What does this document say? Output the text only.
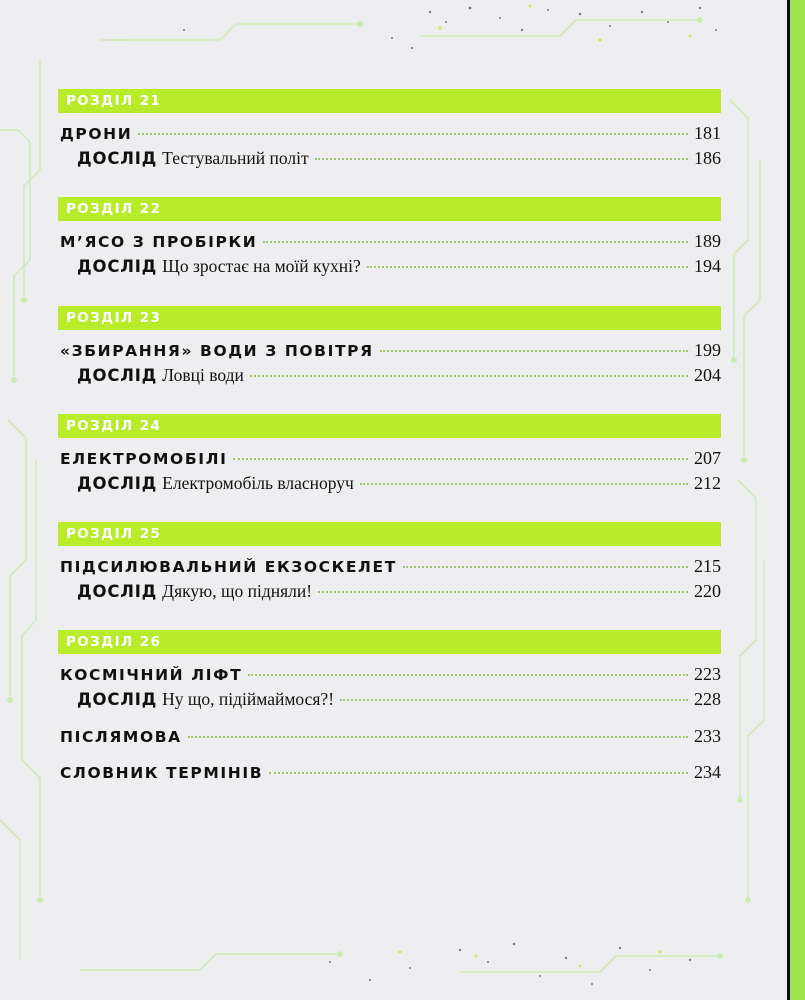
РОЗДІЛ 21
ДРОНИ	181
ДОСЛІД Тестувальний політ	186
РОЗДІЛ 22
М’ЯСО З ПРОБІРКИ	189
ДОСЛІД Що зростає на моїй кухні?	194
РОЗДІЛ 23
«ЗБИРАННЯ» ВОДИ З ПОВІТРЯ	199
ДОСЛІД Ловці води	204
РОЗДІЛ 24
ЕЛЕКТРОМОБІЛІ	207
ДОСЛІД Електромобіль власноруч	212
РОЗДІЛ 25
ПІДСИЛЮВАЛЬНИЙ ЕКЗОСКЕЛЕТ	215
ДОСЛІД Дякую, що підняли!	220
РОЗДІЛ 26
КОСМІЧНИЙ ЛІФТ	223
ДОСЛІД Ну що, підіймаймося?!	228
ПІСЛЯМОВА	233
СЛОВНИК ТЕРМІНІВ	234
